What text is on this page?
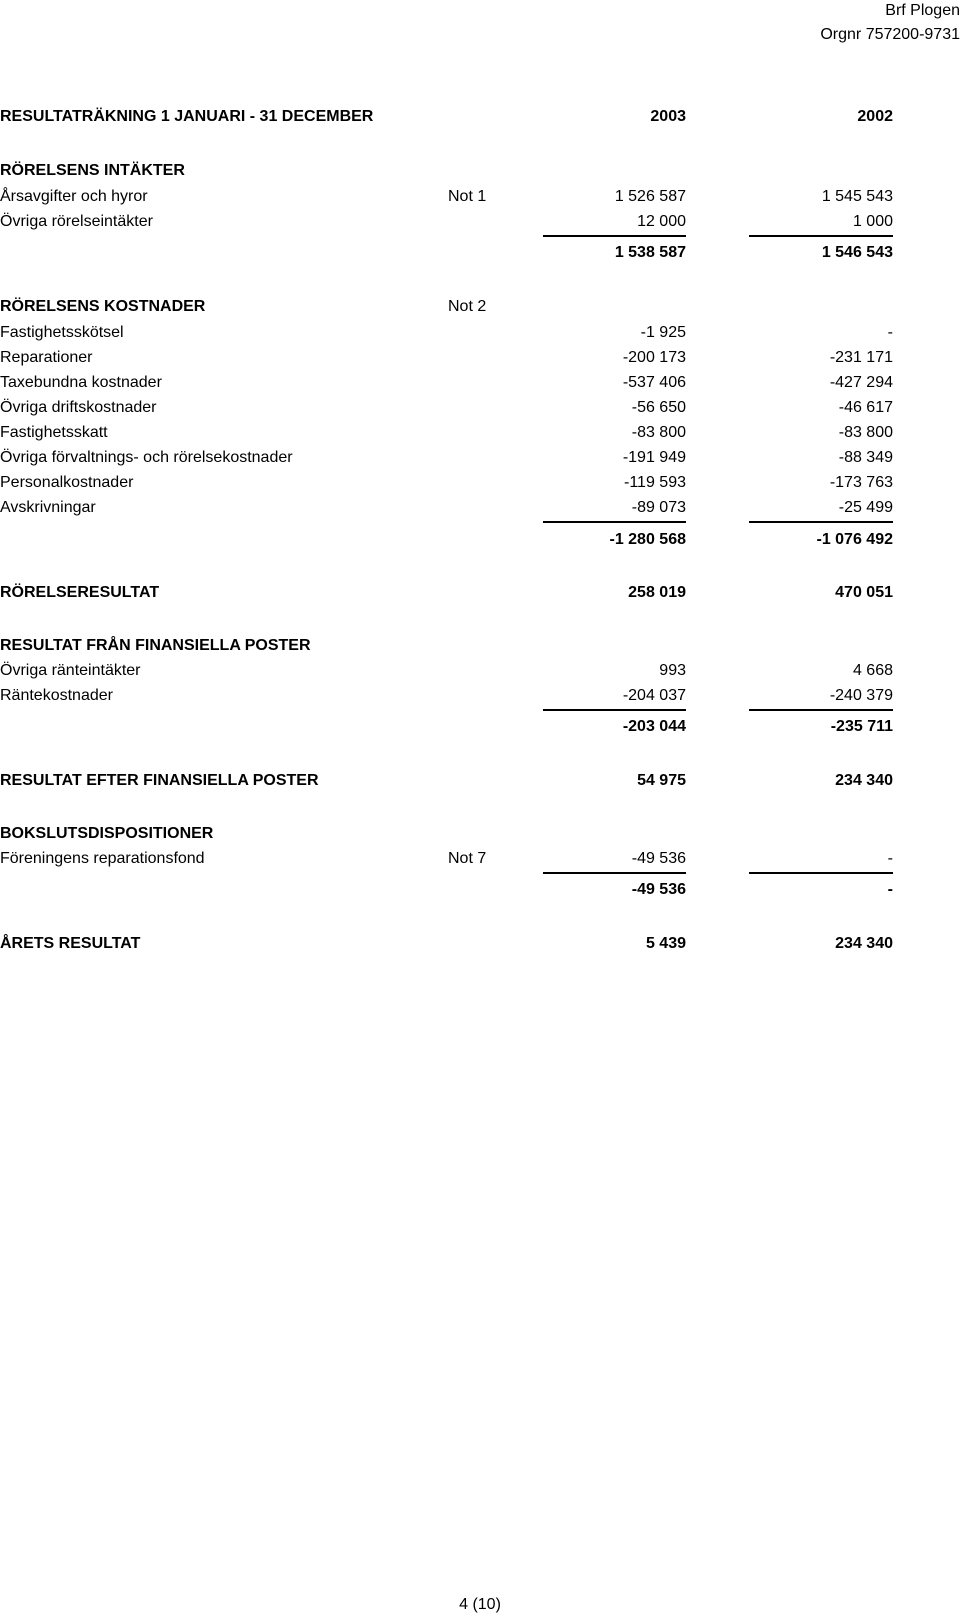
Brf Plogen
Orgnr 757200-9731
RESULTATRÄKNING 1 JANUARI - 31 DECEMBER	2003	2002
RÖRELSENS INTÄKTER
Årsavgifter och hyror	Not 1	1 526 587	1 545 543
Övriga rörelseintäkter	12 000	1 000
1 538 587	1 546 543
RÖRELSENS KOSTNADER	Not 2
Fastighetsskötsel	-1 925	-
Reparationer	-200 173	-231 171
Taxebundna kostnader	-537 406	-427 294
Övriga driftskostnader	-56 650	-46 617
Fastighetsskatt	-83 800	-83 800
Övriga förvaltnings- och rörelsekostnader	-191 949	-88 349
Personalkostnader	-119 593	-173 763
Avskrivningar	-89 073	-25 499
-1 280 568	-1 076 492
RÖRELSERESULTAT	258 019	470 051
RESULTAT FRÅN FINANSIELLA POSTER
Övriga ränteintäkter	993	4 668
Räntekostnader	-204 037	-240 379
-203 044	-235 711
RESULTAT EFTER FINANSIELLA POSTER	54 975	234 340
BOKSLUTSDISPOSITIONER
Föreningens reparationsfond	Not 7	-49 536	-
-49 536	-
ÅRETS RESULTAT	5 439	234 340
4 (10)
